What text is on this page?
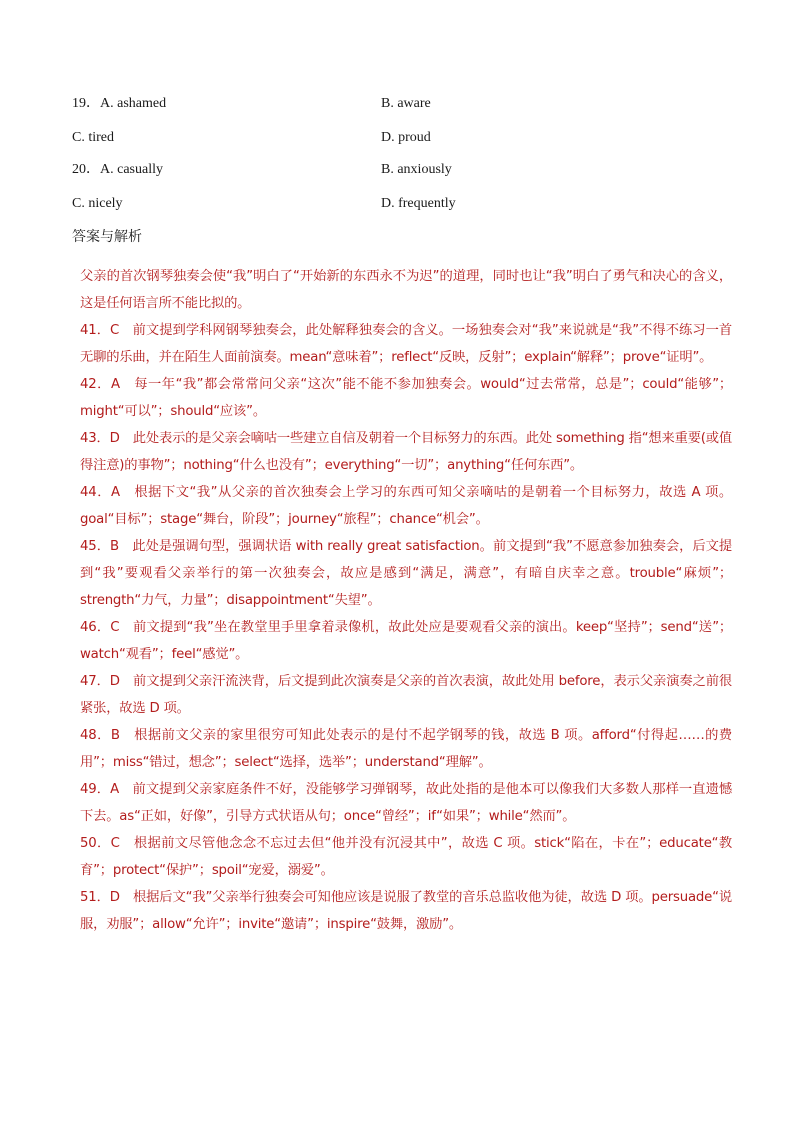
19．A. ashamed	B. aware
C. tired	D. proud
20．A. casually	B. anxiously
C. nicely	D. frequently
答案与解析

父亲的首次钢琴独奏会使“我”明白了“开始新的东西永不为迟”的道理，同时也让“我”明白了勇气和决心的含义，这是任何语言所不能比拟的。

41．C　前文提到学科网钢琴独奏会，此处解释独奏会的含义。一场独奏会对“我”来说就是“我”不得不练习一首无聊的乐曲，并在陌生人面前演奏。mean“意味着”；reflect“反映，反射”；explain“解释”；prove“证明”。

42．A　每一年“我”都会常常问父亲“这次”能不能不参加独奏会。would“过去常常，总是”；could“能够”；might“可以”；should“应该”。

43．D　此处表示的是父亲会嘀咕一些建立自信及朝着一个目标努力的东西。此处 something 指“想来重要(或值得注意)的事物”；nothing“什么也没有”；everything“一切”；anything“任何东西”。

44．A　根据下文“我”从父亲的首次独奏会上学习的东西可知父亲嘀咕的是朝着一个目标努力，故选 A 项。goal“目标”；stage“舞台，阶段”；journey“旅程”；chance“机会”。

45．B　此处是强调句型，强调状语 with really great satisfaction。前文提到“我”不愿意参加独奏会，后文提到“我”要观看父亲举行的第一次独奏会，故应是感到“满足，满意”，有暗自庆幸之意。trouble“麻烦”；strength“力气，力量”；disappointment“失望”。

46．C　前文提到“我”坐在教堂里手里拿着录像机，故此处应是要观看父亲的演出。keep“坚持”；send“送”；watch“观看”；feel“感觉”。

47．D　前文提到父亲汗流浃背，后文提到此次演奏是父亲的首次表演，故此处用 before，表示父亲演奏之前很紧张，故选 D 项。

48．B　根据前文父亲的家里很穷可知此处表示的是付不起学钢琴的钱，故选 B 项。afford“付得起……的费用”；miss“错过，想念”；select“选择，选举”；understand“理解”。

49．A　前文提到父亲家庭条件不好，没能够学习弹钢琴，故此处指的是他本可以像我们大多数人那样一直遗憾下去。as“正如，好像”，引导方式状语从句；once“曾经”；if“如果”；while“然而”。

50．C　根据前文尽管他念念不忘过去但“他并没有沉浸其中”，故选 C 项。stick“陷在，卡在”；educate“教育”；protect“保护”；spoil“宠爱，溺爱”。

51．D　根据后文“我”父亲举行独奏会可知他应该是说服了教堂的音乐总监收他为徒，故选 D 项。persuade“说服，劝服”；allow“允许”；invite“邀请”；inspire“鼓舞，激励”。
